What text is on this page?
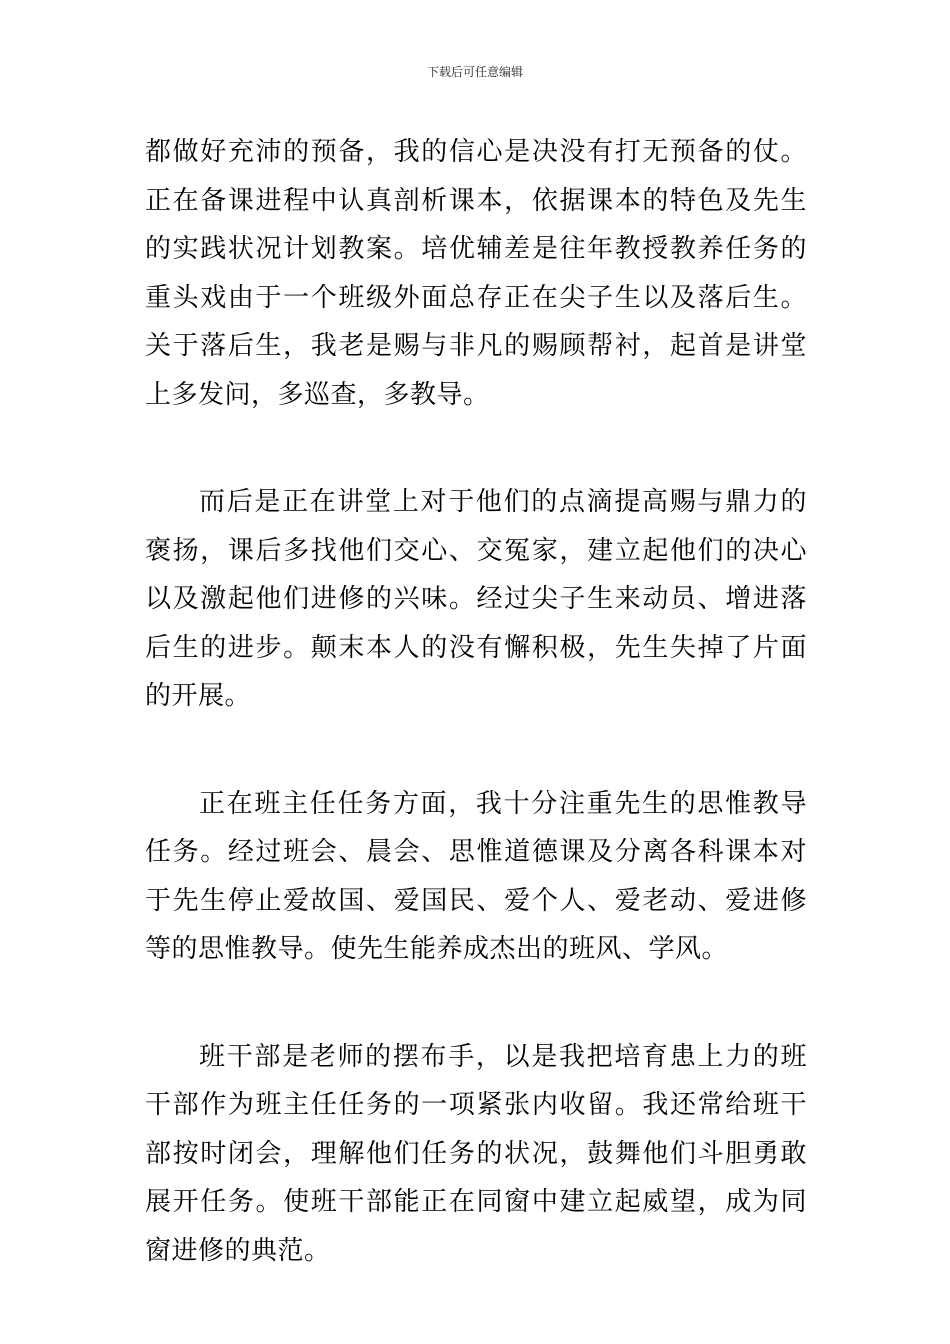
下载后可任意编辑

都做好充沛的预备，我的信心是决没有打无预备的仗。正在备课进程中认真剖析课本，依据课本的特色及先生的实践状况计划教案。培优辅差是往年教授教养任务的重头戏由于一个班级外面总存正在尖子生以及落后生。关于落后生，我老是赐与非凡的赐顾帮衬，起首是讲堂上多发问，多巡查，多教导。

而后是正在讲堂上对于他们的点滴提高赐与鼎力的褒扬，课后多找他们交心、交冤家，建立起他们的决心以及激起他们进修的兴味。经过尖子生来动员、增进落后生的进步。颠末本人的没有懈积极，先生失掉了片面的开展。

正在班主任任务方面，我十分注重先生的思惟教导任务。经过班会、晨会、思惟道德课及分离各科课本对于先生停止爱故国、爱国民、爱个人、爱老动、爱进修等的思惟教导。使先生能养成杰出的班风、学风。

班干部是老师的摆布手，以是我把培育患上力的班干部作为班主任任务的一项紧张内收留。我还常给班干部按时闭会，理解他们任务的状况，鼓舞他们斗胆勇敢展开任务。使班干部能正在同窗中建立起威望，成为同窗进修的典范。
